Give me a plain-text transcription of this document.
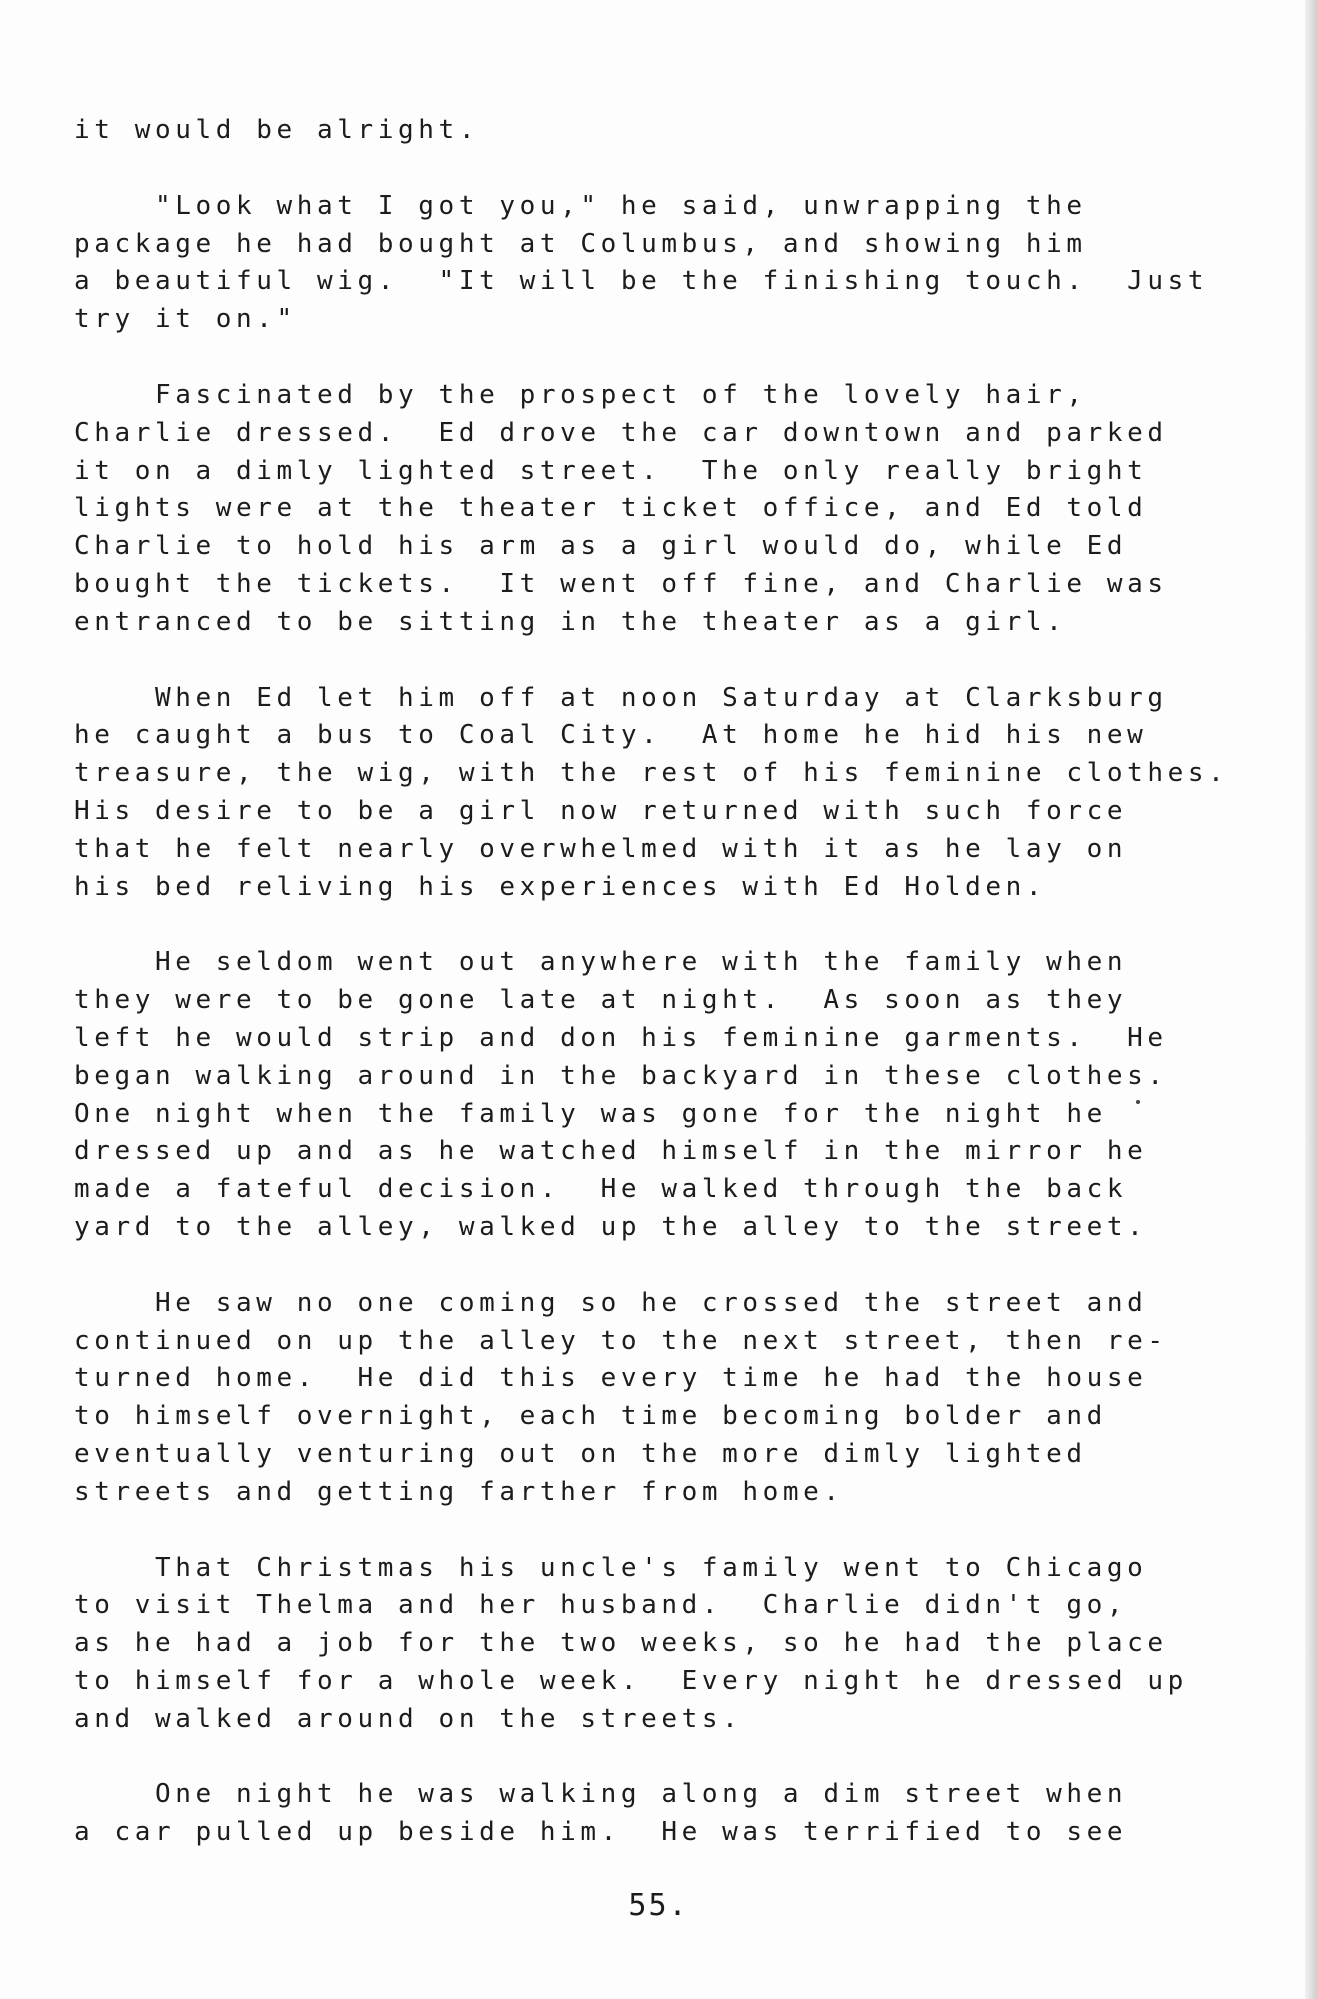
it would be alright.
"Look what I got you," he said, unwrapping the
package he had bought at Columbus, and showing him
a beautiful wig.  "It will be the finishing touch.  Just
try it on."
Fascinated by the prospect of the lovely hair,
Charlie dressed.  Ed drove the car downtown and parked
it on a dimly lighted street.  The only really bright
lights were at the theater ticket office, and Ed told
Charlie to hold his arm as a girl would do, while Ed
bought the tickets.  It went off fine, and Charlie was
entranced to be sitting in the theater as a girl.
When Ed let him off at noon Saturday at Clarksburg
he caught a bus to Coal City.  At home he hid his new
treasure, the wig, with the rest of his feminine clothes.
His desire to be a girl now returned with such force
that he felt nearly overwhelmed with it as he lay on
his bed reliving his experiences with Ed Holden.
He seldom went out anywhere with the family when
they were to be gone late at night.  As soon as they
left he would strip and don his feminine garments.  He
began walking around in the backyard in these clothes.
One night when the family was gone for the night he
dressed up and as he watched himself in the mirror he
made a fateful decision.  He walked through the back
yard to the alley, walked up the alley to the street.
He saw no one coming so he crossed the street and
continued on up the alley to the next street, then re-
turned home.  He did this every time he had the house
to himself overnight, each time becoming bolder and
eventually venturing out on the more dimly lighted
streets and getting farther from home.
That Christmas his uncle's family went to Chicago
to visit Thelma and her husband.  Charlie didn't go,
as he had a job for the two weeks, so he had the place
to himself for a whole week.  Every night he dressed up
and walked around on the streets.
One night he was walking along a dim street when
a car pulled up beside him.  He was terrified to see
55.
